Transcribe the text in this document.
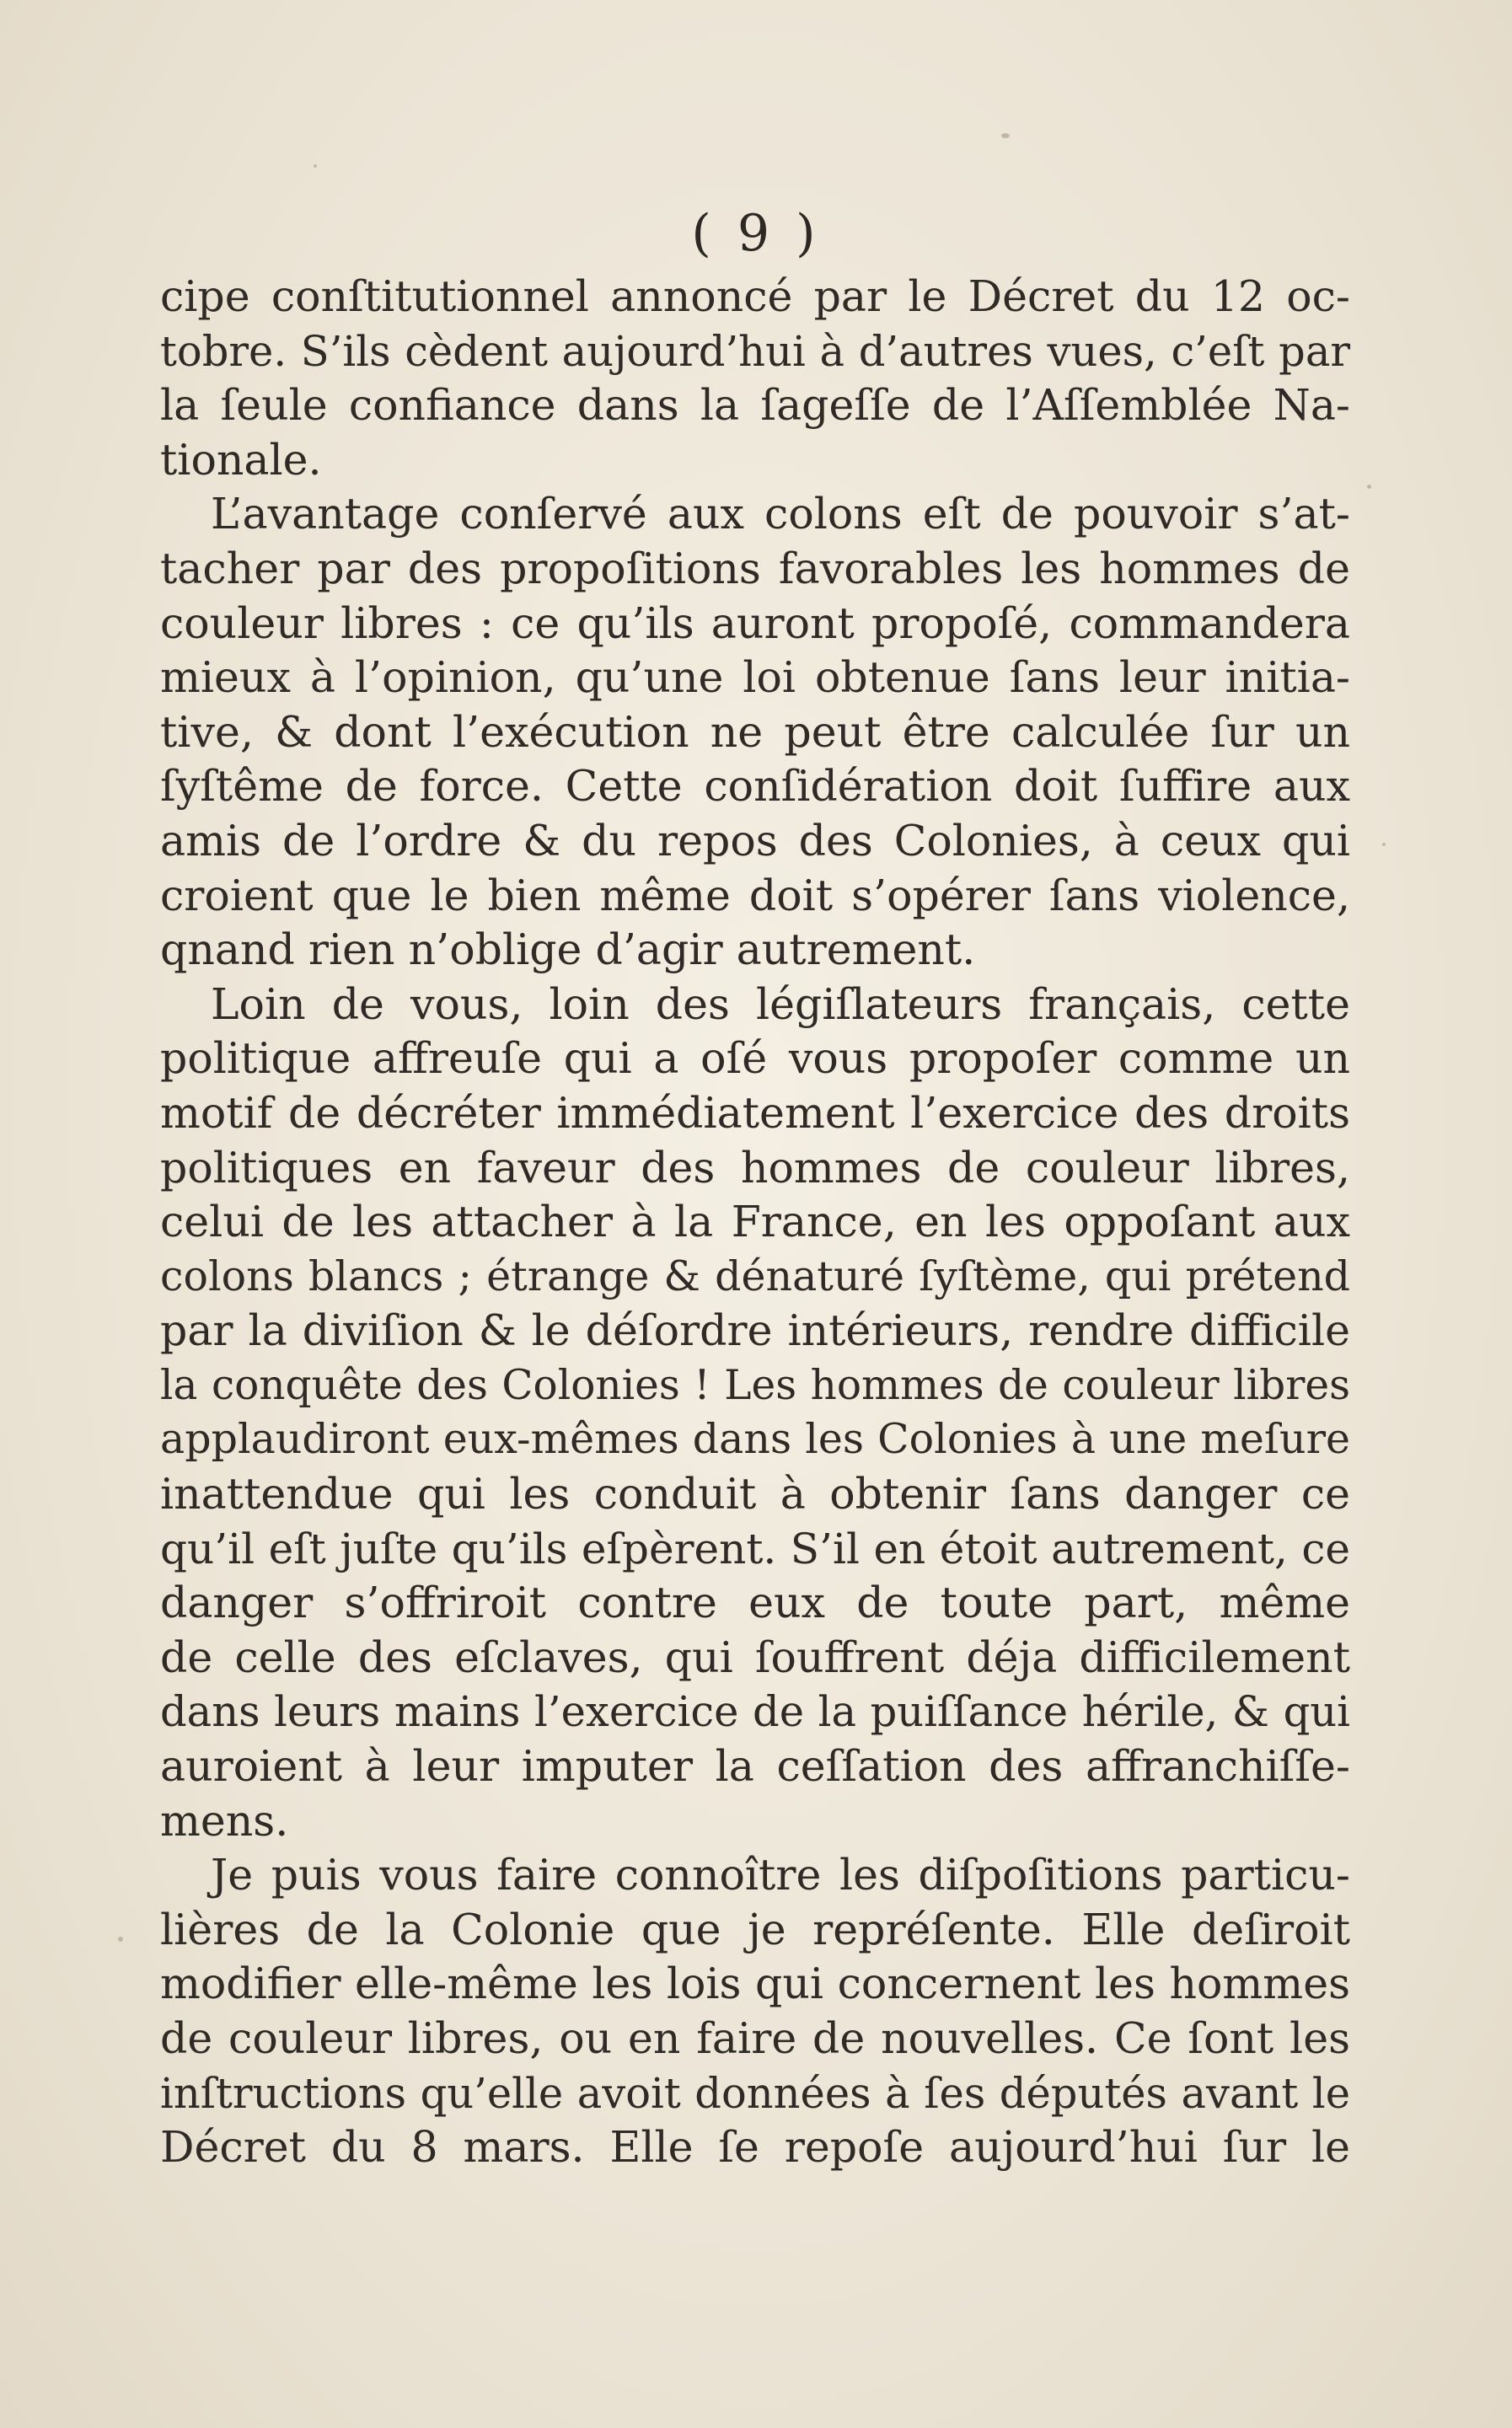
( 9 )
cipe conſtitutionnel annoncé par le Décret du 12 oc-
tobre. S’ils cèdent aujourd’hui à d’autres vues, c’eſt par
la ſeule confiance dans la ſageſſe de l’Aſſemblée Na-
tionale.
L’avantage conſervé aux colons eſt de pouvoir s’at-
tacher par des propoſitions favorables les hommes de
couleur libres : ce qu’ils auront propoſé, commandera
mieux à l’opinion, qu’une loi obtenue ſans leur initia-
tive, & dont l’exécution ne peut être calculée ſur un
ſyſtême de force. Cette conſidération doit ſuffire aux
amis de l’ordre & du repos des Colonies, à ceux qui
croient que le bien même doit s’opérer ſans violence,
qnand rien n’oblige d’agir autrement.
Loin de vous, loin des légiſlateurs français, cette
politique affreuſe qui a oſé vous propoſer comme un
motif de décréter immédiatement l’exercice des droits
politiques en faveur des hommes de couleur libres,
celui de les attacher à la France, en les oppoſant aux
colons blancs ; étrange & dénaturé ſyſtème, qui prétend
par la diviſion & le déſordre intérieurs, rendre difficile
la conquête des Colonies ! Les hommes de couleur libres
applaudiront eux-mêmes dans les Colonies à une meſure
inattendue qui les conduit à obtenir ſans danger ce
qu’il eſt juſte qu’ils eſpèrent. S’il en étoit autrement, ce
danger s’offriroit contre eux de toute part, même
de celle des eſclaves, qui ſouffrent déja difficilement
dans leurs mains l’exercice de la puiſſance hérile, & qui
auroient à leur imputer la ceſſation des affranchiſſe-
mens.
Je puis vous faire connoître les diſpoſitions particu-
lières de la Colonie que je repréſente. Elle deſiroit
modifier elle-même les lois qui concernent les hommes
de couleur libres, ou en faire de nouvelles. Ce ſont les
inſtructions qu’elle avoit données à ſes députés avant le
Décret du 8 mars. Elle ſe repoſe aujourd’hui ſur le
